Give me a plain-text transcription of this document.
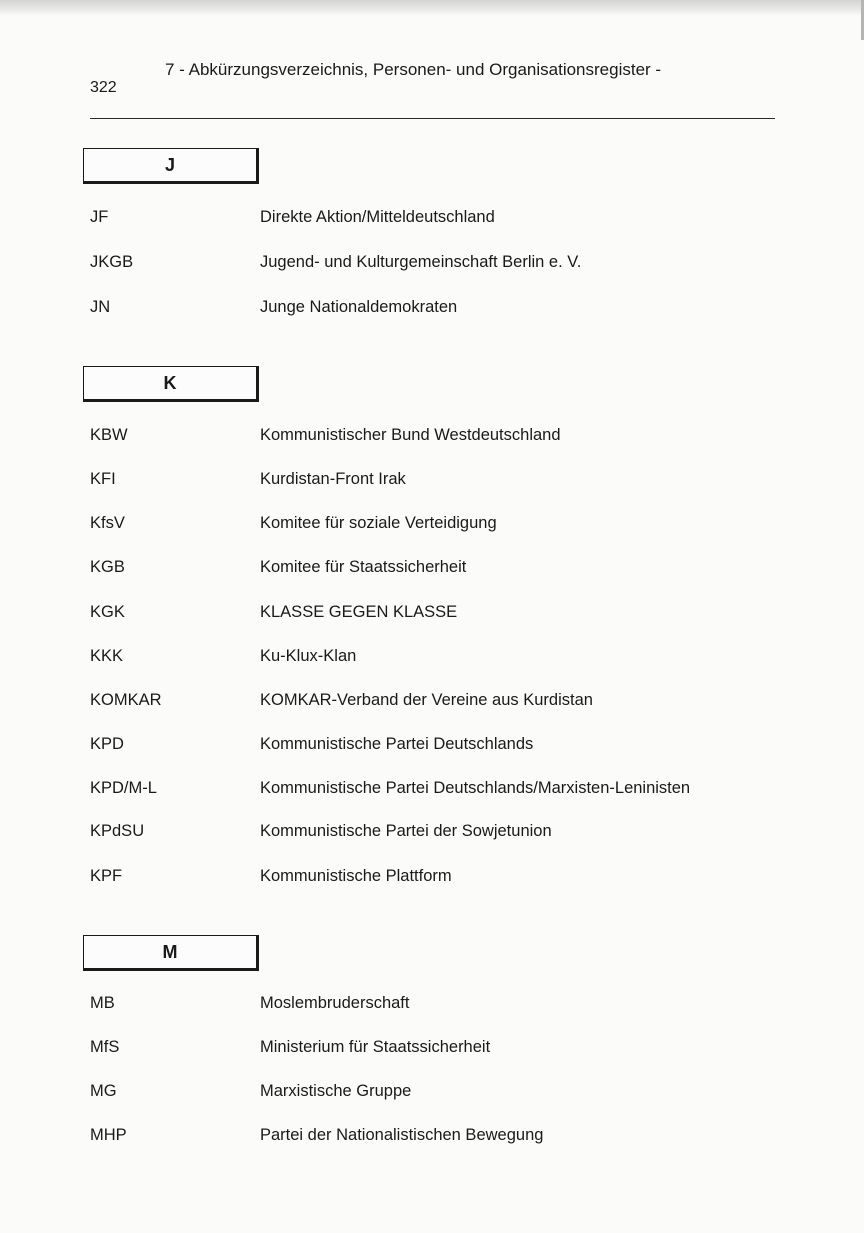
7 - Abkürzungsverzeichnis, Personen- und Organisationsregister -
322
J
JF	Direkte Aktion/Mitteldeutschland
JKGB	Jugend- und Kulturgemeinschaft Berlin e. V.
JN	Junge Nationaldemokraten
K
KBW	Kommunistischer Bund Westdeutschland
KFI	Kurdistan-Front Irak
KfsV	Komitee für soziale Verteidigung
KGB	Komitee für Staatssicherheit
KGK	KLASSE GEGEN KLASSE
KKK	Ku-Klux-Klan
KOMKAR	KOMKAR-Verband der Vereine aus Kurdistan
KPD	Kommunistische Partei Deutschlands
KPD/M-L	Kommunistische Partei Deutschlands/Marxisten-Leninisten
KPdSU	Kommunistische Partei der Sowjetunion
KPF	Kommunistische Plattform
M
MB	Moslembruderschaft
MfS	Ministerium für Staatssicherheit
MG	Marxistische Gruppe
MHP	Partei der Nationalistischen Bewegung
